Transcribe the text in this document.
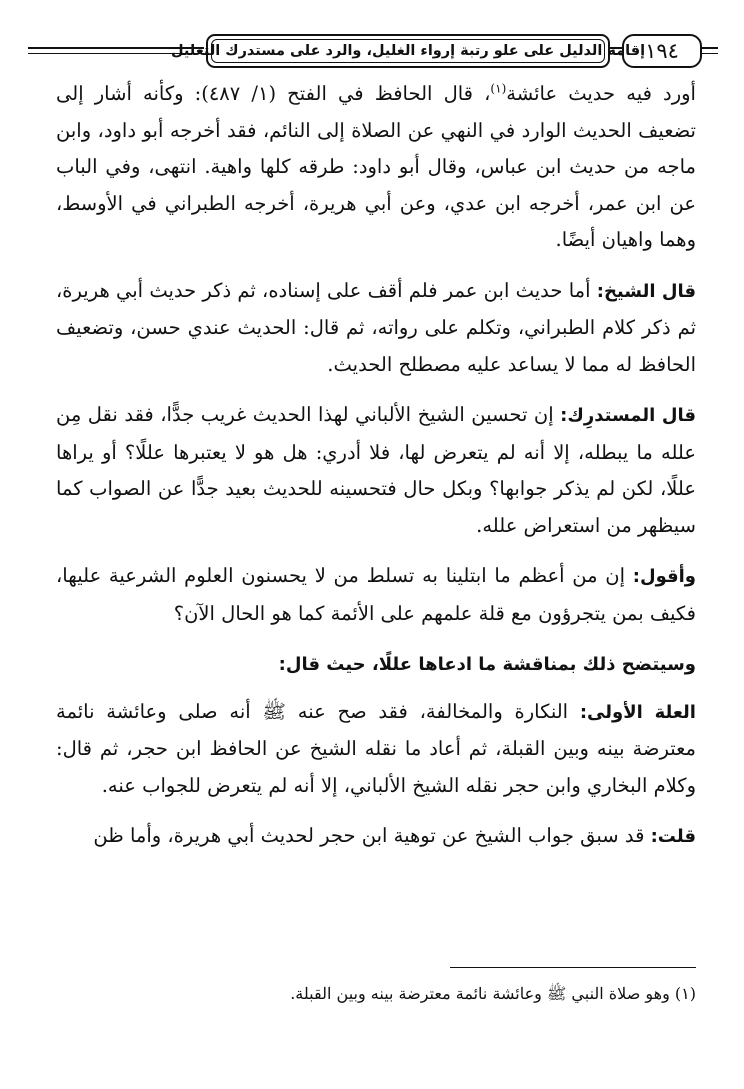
إقامة الدليل على علو رتبة إرواء الغليل، والرد على مستدرك التعليل ١٩٤

أورد فيه حديث عائشة$^{(١)}$، قال الحافظ في الفتح (١/ ٤٨٧): وكأنه أشار إلى تضعيف الحديث الوارد في النهي عن الصلاة إلى النائم، فقد أخرجه أبو داود، وابن ماجه من حديث ابن عباس، وقال أبو داود: طرقه كلها واهية. انتهى، وفي الباب عن ابن عمر، أخرجه ابن عدي، وعن أبي هريرة، أخرجه الطبراني في الأوسط، وهما واهيان أيضًا.

قال الشيخ: أما حديث ابن عمر فلم أقف على إسناده، ثم ذكر حديث أبي هريرة، ثم ذكر كلام الطبراني، وتكلم على رواته، ثم قال: الحديث عندي حسن، وتضعيف الحافظ له مما لا يساعد عليه مصطلح الحديث.

قال المستدرِك: إن تحسين الشيخ الألباني لهذا الحديث غريب جدًّا، فقد نقل مِن علله ما يبطله، إلا أنه لم يتعرض لها، فلا أدري: هل هو لا يعتبرها عللًا؟ أو يراها عللًا، لكن لم يذكر جوابها؟ وبكل حال فتحسينه للحديث بعيد جدًّا عن الصواب كما سيظهر من استعراض علله.

وأقول: إن من أعظم ما ابتلينا به تسلط من لا يحسنون العلوم الشرعية عليها، فكيف بمن يتجرؤون مع قلة علمهم على الأئمة كما هو الحال الآن؟

وسيتضح ذلك بمناقشة ما ادعاها عللًا، حيث قال:

العلة الأولى: النكارة والمخالفة، فقد صح عنه ﷺ أنه صلى وعائشة نائمة معترضة بينه وبين القبلة، ثم أعاد ما نقله الشيخ عن الحافظ ابن حجر، ثم قال: وكلام البخاري وابن حجر نقله الشيخ الألباني، إلا أنه لم يتعرض للجواب عنه.

قلت: قد سبق جواب الشيخ عن توهية ابن حجر لحديث أبي هريرة، وأما ظن

(١) وهو صلاة النبي ﷺ وعائشة نائمة معترضة بينه وبين القبلة.
